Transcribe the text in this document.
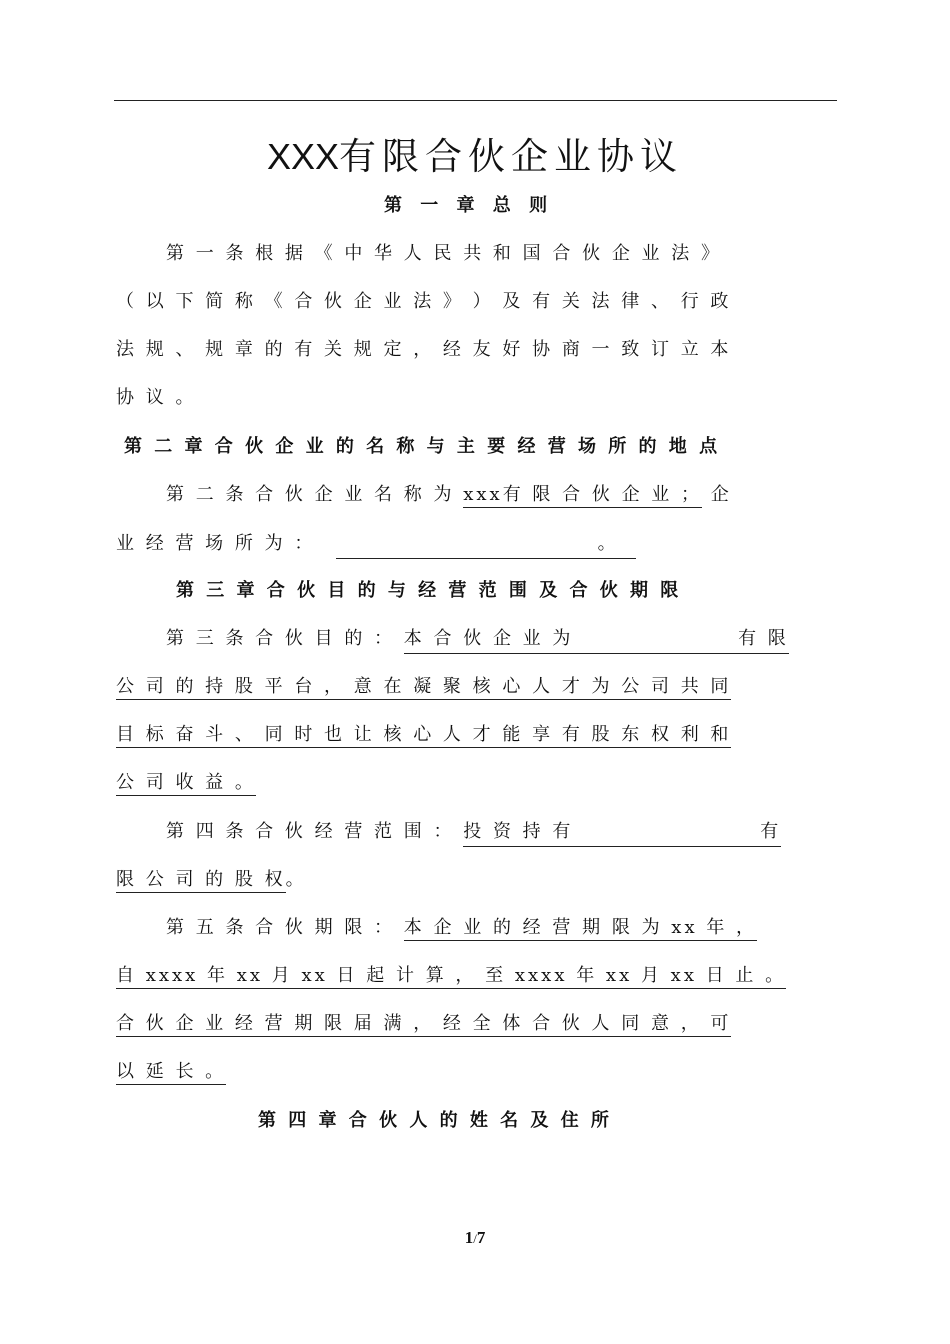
XXX有限合伙企业协议
第 一 章 总 则
第 一 条 根 据 《 中 华 人 民 共 和 国 合 伙 企 业 法 》
（ 以 下 简 称 《 合 伙 企 业 法 》 ） 及 有 关 法 律 、 行 政
法 规 、 规 章 的 有 关 规 定 ， 经 友 好 协 商 一 致 订 立 本
协 议 。
第 二 章 合 伙 企 业 的 名 称 与 主 要 经 营 场 所 的 地 点
第 二 条 合 伙 企 业 名 称 为 xxx有 限 合 伙 企 业 ； 企
业 经 营 场 所 为 ：	。
第 三 章 合 伙 目 的 与 经 营 范 围 及 合 伙 期 限
第 三 条 合 伙 目 的 ： 本 合 伙 企 业 为	有 限
公 司 的 持 股 平 台 ， 意 在 凝 聚 核 心 人 才 为 公 司 共 同
目 标 奋 斗 、 同 时 也 让 核 心 人 才 能 享 有 股 东 权 利 和
公 司 收 益 。
第 四 条 合 伙 经 营 范 围 ： 投 资 持 有	有
限 公 司 的 股 权。
第 五 条 合 伙 期 限 ： 本 企 业 的 经 营 期 限 为 xx 年 ，
自 xxxx 年 xx 月 xx 日 起 计 算 ， 至 xxxx 年 xx 月 xx 日 止 。
合 伙 企 业 经 营 期 限 届 满 ， 经 全 体 合 伙 人 同 意 ， 可
以 延 长 。
第 四 章 合 伙 人 的 姓 名 及 住 所
1/7
